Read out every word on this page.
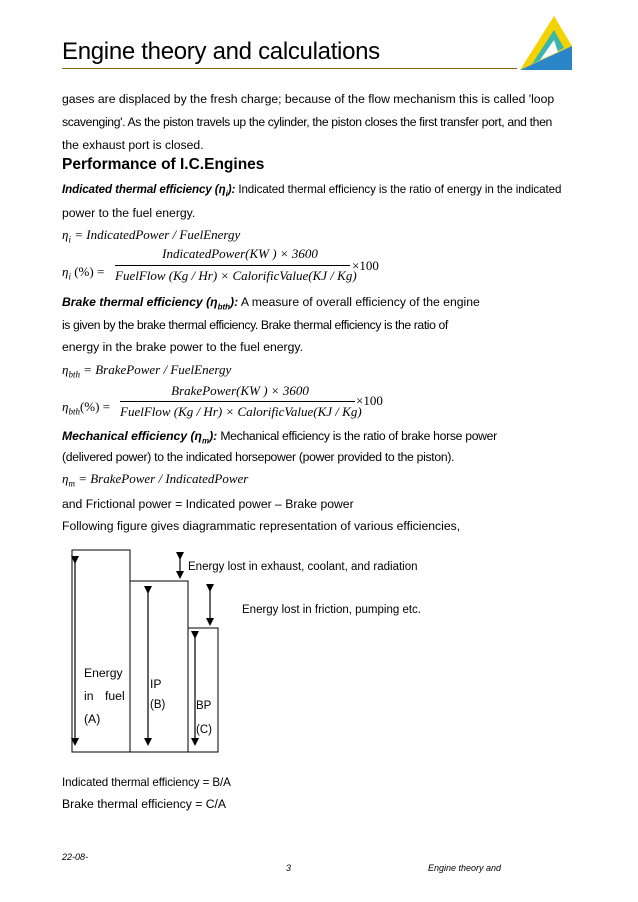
Engine theory and calculations
gases are displaced by the fresh charge; because of the flow mechanism this is called 'loop
scavenging'. As the piston travels up the cylinder, the piston closes the first transfer port, and then
the exhaust port is closed.
Performance of I.C.Engines
Indicated thermal efficiency $(\eta_i)$: Indicated thermal efficiency is the ratio of energy in the indicated
power to the fuel energy.
$\eta_i$ = IndicatedPower / FuelEnergy
$\eta_i$ (%) =
IndicatedPower(KW ) × 3600
FuelFlow (Kg / Hr) × CalorificValue(KJ / Kg)
×100
Brake thermal efficiency $(\eta_{bth})$: A measure of overall efficiency of the engine
is given by the brake thermal efficiency. Brake thermal efficiency is the ratio of
energy in the brake power to the fuel energy.
$\eta_{bth}$ = BrakePower / FuelEnergy
$\eta_{bth}(\%)$ =
BrakePower(KW ) × 3600
FuelFlow (Kg / Hr) × CalorificValue(KJ / Kg)
×100
Mechanical efficiency $(\eta_m)$: Mechanical efficiency is the ratio of brake horse power
(delivered power) to the indicated horsepower (power provided to the piston).
$\eta_m$ = BrakePower / IndicatedPower
and Frictional power = Indicated power – Brake power
Following figure gives diagrammatic representation of various efficiencies,
Energy lost in exhaust, coolant, and radiation
Energy lost in friction, pumping etc.
Energy
in fuel
(A)
IP
(B)	BP
(C)
Indicated thermal efficiency = B/A
Brake thermal efficiency = C/A
22-08-
3	Engine theory and
